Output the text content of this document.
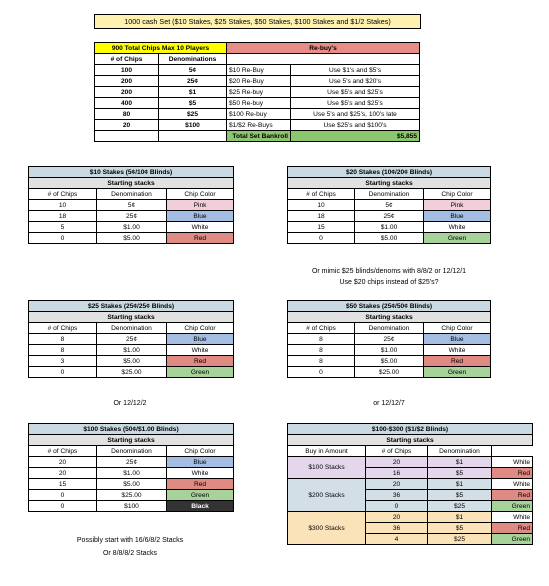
1000 cash Set ($10 Stakes, $25 Stakes, $50 Stakes, $100 Stakes and $1/2 Stakes)
900 Total Chips Max 10 Players		Re-buy's	
# of Chips	Denominations		
100	5¢	$10 Re-Buy	Use $1's and $5's
200	25¢	$20 Re-Buy	Use 5's and $20's
200	$1	$25 Re-buy	Use $5's and $25's
400	$5	$50 Re-buy	Use $5's and $25's
80	$25	$100 Re-buy	Use 5's and $25's, 100's late
20	$100	$1/$2 Re-Buys	Use $25's and $100's
		Total Set Bankroll	$5,855
$10 Stakes (5¢/10¢ Blinds)		
Starting stacks		
# of Chips	Denomination	Chip Color
10	5¢	Pink
18	25¢	Blue
5	$1.00	White
0	$5.00	Red
$20 Stakes (10¢/20¢ Blinds)		
Starting stacks		
# of Chips	Denomination	Chip Color
10	5¢	Pink
18	25¢	Blue
15	$1.00	White
0	$5.00	Green
$25 Stakes (25¢/25¢ Blinds)		
Starting stacks		
# of Chips	Denomination	Chip Color
8	25¢	Blue
8	$1.00	White
3	$5.00	Red
0	$25.00	Green
$50 Stakes (25¢/50¢ Blinds)		
Starting stacks		
# of Chips	Denomination	Chip Color
8	25¢	Blue
8	$1.00	White
8	$5.00	Red
0	$25.00	Green
$100 Stakes (50¢/$1.00 Blinds)		
Starting stacks		
# of Chips	Denomination	Chip Color
20	25¢	Blue
20	$1.00	White
15	$5.00	Red
0	$25.00	Green
0	$100	Black
$100-$300 ($1/$2 Blinds)			
Starting stacks			
Buy in Amount	# of Chips	Denomination	
$100 Stacks	20	$1	White
	16	$5	Red
$200 Stacks	20	$1	White
	36	$5	Red
	0	$25	Green
$300 Stacks	20	$1	White
	36	$5	Red
	4	$25	Green
Or mimic $25 blinds/denoms with 8/8/2 or 12/12/1
Use $20 chips instead of $25's?
Or 12/12/2	or 12/12/7
Possibly start with 16/6/8/2 Stacks
Or 8/8/8/2 Stacks
